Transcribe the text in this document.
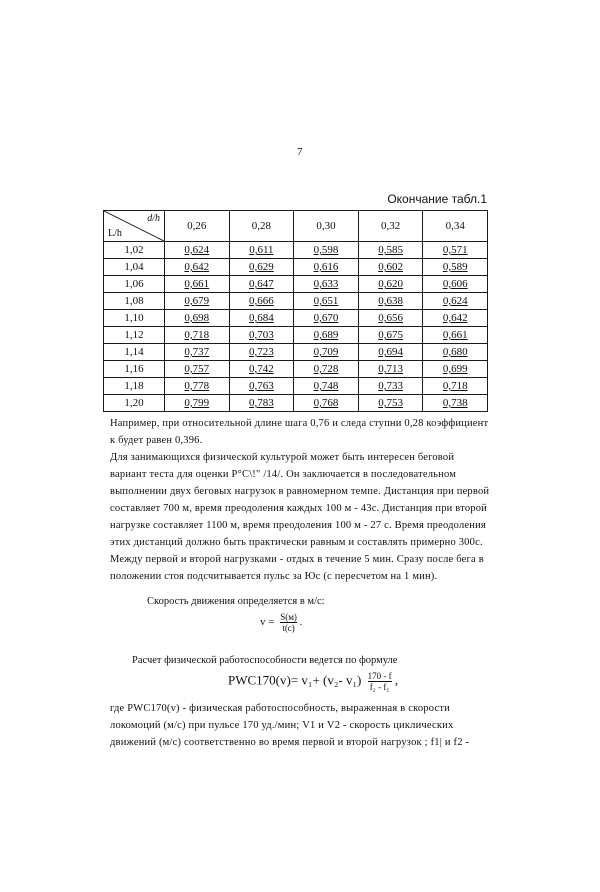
7
Окончание табл.1
d/h
L/h	0,26	0,28	0,30	0,32	0,34
1,02	0,624	0,611	0,598	0,585	0,571
1,04	0,642	0,629	0,616	0,602	0,589
1,06	0,661	0,647	0,633	0,620	0,606
1,08	0,679	0,666	0,651	0,638	0,624
1,10	0,698	0,684	0,670	0,656	0,642
1,12	0,718	0,703	0,689	0,675	0,661
1,14	0,737	0,723	0,709	0,694	0,680
1,16	0,757	0,742	0,728	0,713	0,699
1,18	0,778	0,763	0,748	0,733	0,718
1,20	0,799	0,783	0,768	0,753	0,738
Например, при относительной длине шага 0,76 и следа ступни 0,28 коэффициент к будет равен 0,396.
Для занимающихся физической культурой может быть интересен беговой вариант теста для оценки P°C\!" /14/. Он заключается в последовательном выполнении двух беговых нагрузок в равномерном темпе. Дистанция при первой составляет 700 м, время преодоления каждых 100 м - 43с. Дистанция при второй нагрузке составляет 1100 м, время преодоления 100 м - 27 с. Время преодоления этих дистанций должно быть практически равным и составлять примерно 300с. Между первой и второй нагрузками - отдых в течение 5 мин. Сразу после бега в положении стоя подсчитывается пульс за Юс (с пересчетом на 1 мин).
Скорость движения определяется в м/с:
$v = \frac{S(м)}{t(c)}$ .
Расчет физической работоспособности ведется по формуле
PWC170(v)= v₁+ (v₂- $v_1) \frac{170 - f}{\text{f₂ - f₁}}$ ,
где PWC170(v) - физическая работоспособность, выраженная в скорости локомоций (м/с) при пульсе 170 уд./мин; V1 и V2 - скорость циклических движений (м/с) соответственно во время первой и второй нагрузок ; f1| и f2 -
